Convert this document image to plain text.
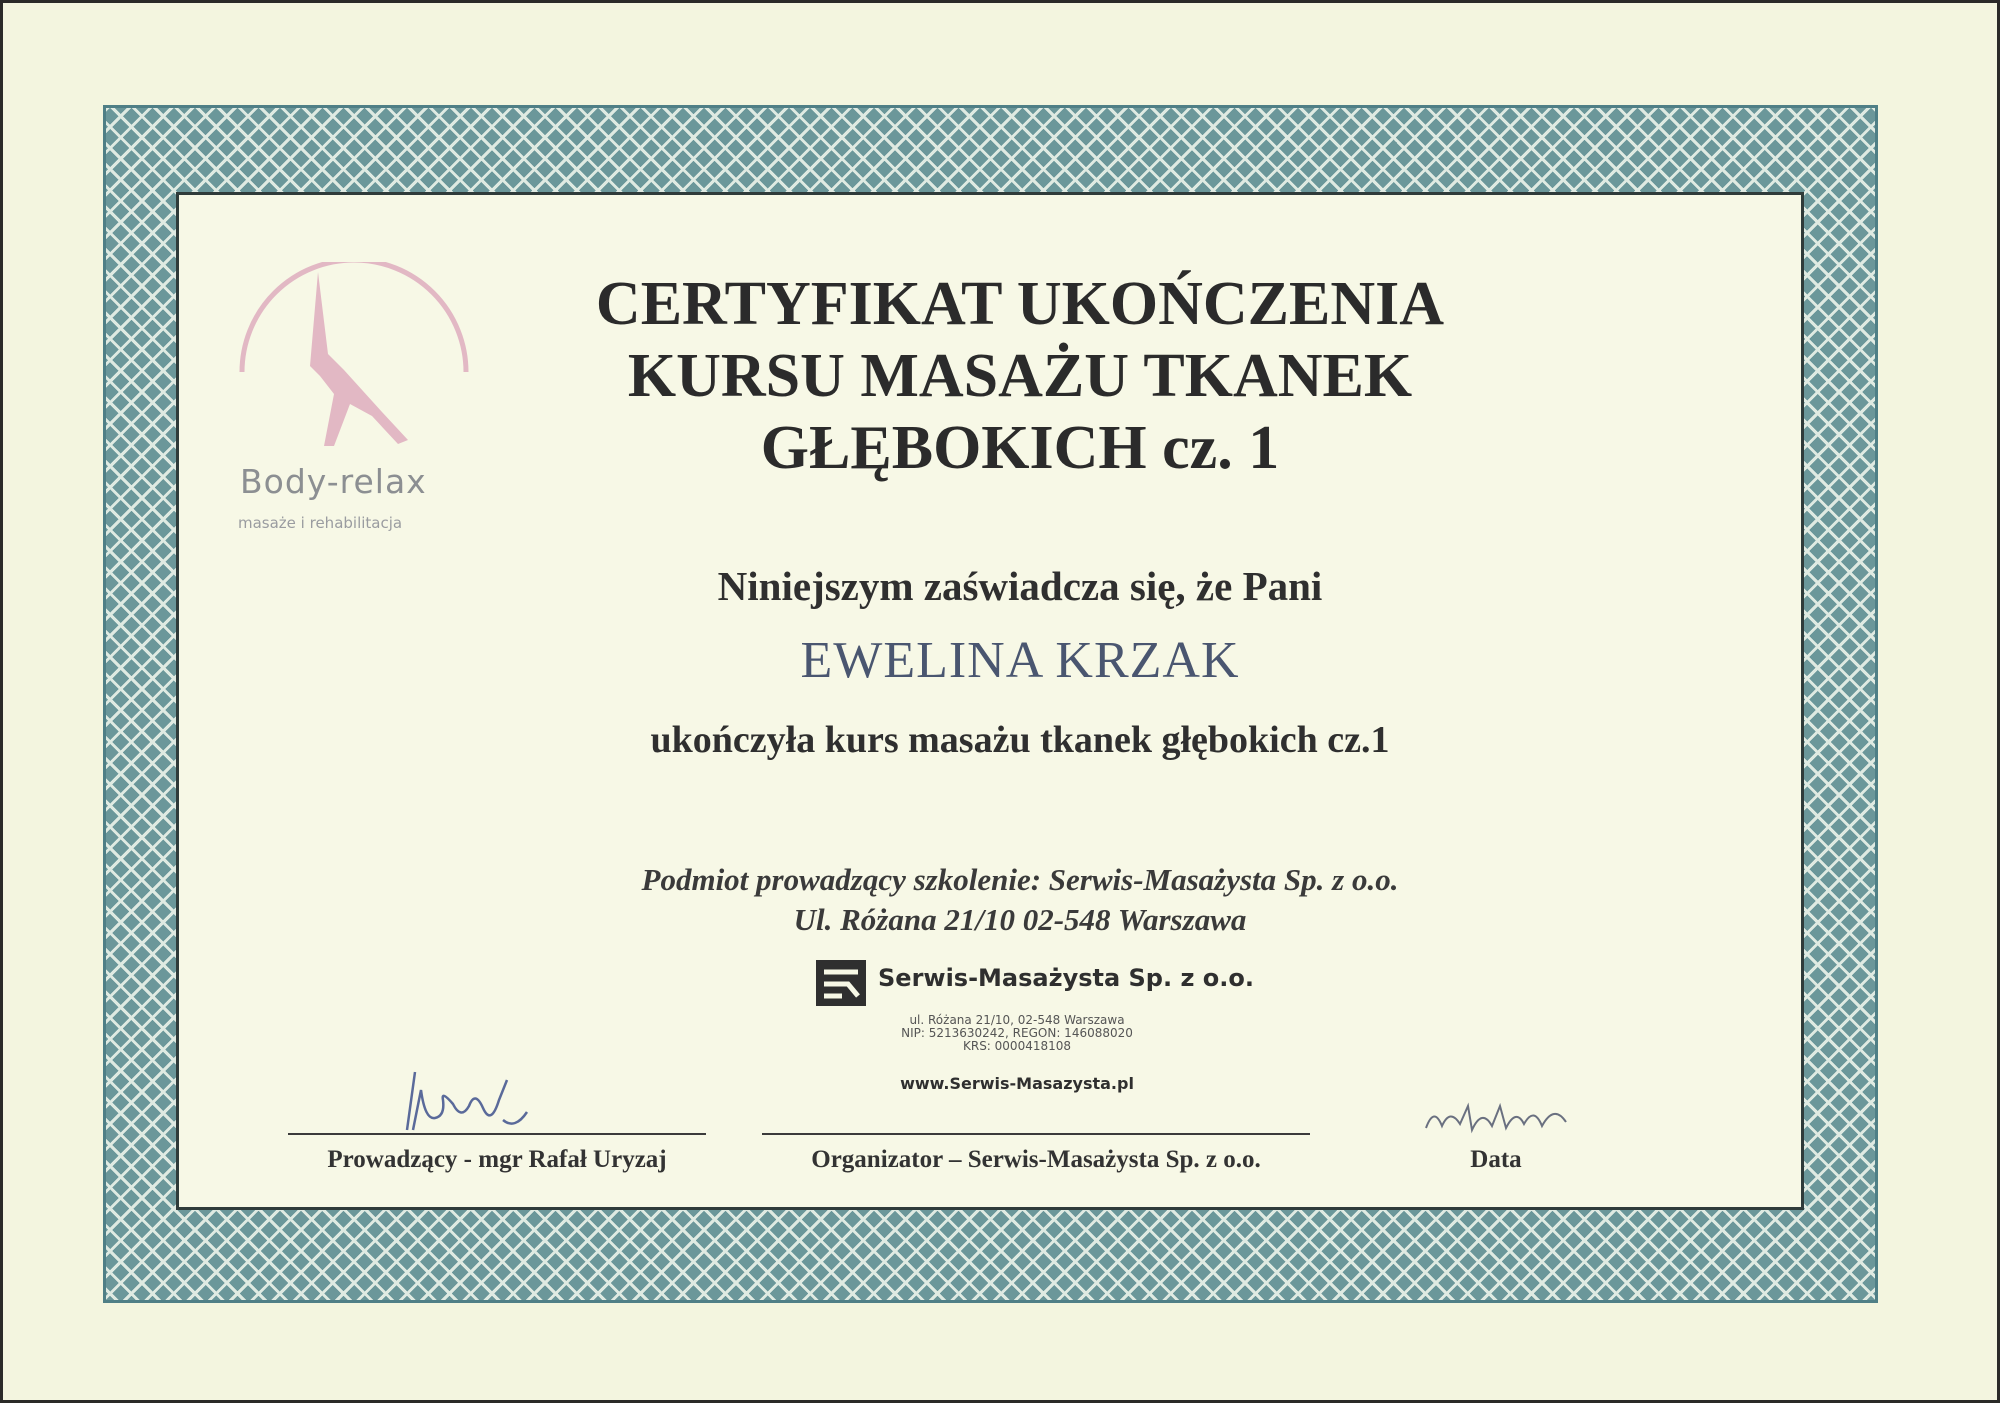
Body-relax
masaże i rehabilitacja
CERTYFIKAT UKOŃCZENIA
KURSU MASAŻU TKANEK
GŁĘBOKICH cz. 1
Niniejszym zaświadcza się, że Pani
EWELINA KRZAK
ukończyła kurs masażu tkanek głębokich cz.1
Podmiot prowadzący szkolenie: Serwis-Masażysta Sp. z o.o.
Ul. Różana 21/10 02-548 Warszawa
Serwis-Masażysta Sp. z o.o.
ul. Różana 21/10, 02-548 Warszawa
NIP: 5213630242, REGON: 146088020
KRS: 0000418108
www.Serwis-Masazysta.pl
Prowadzący - mgr Rafał Uryzaj	Organizator – Serwis-Masażysta Sp. z o.o.	Data
